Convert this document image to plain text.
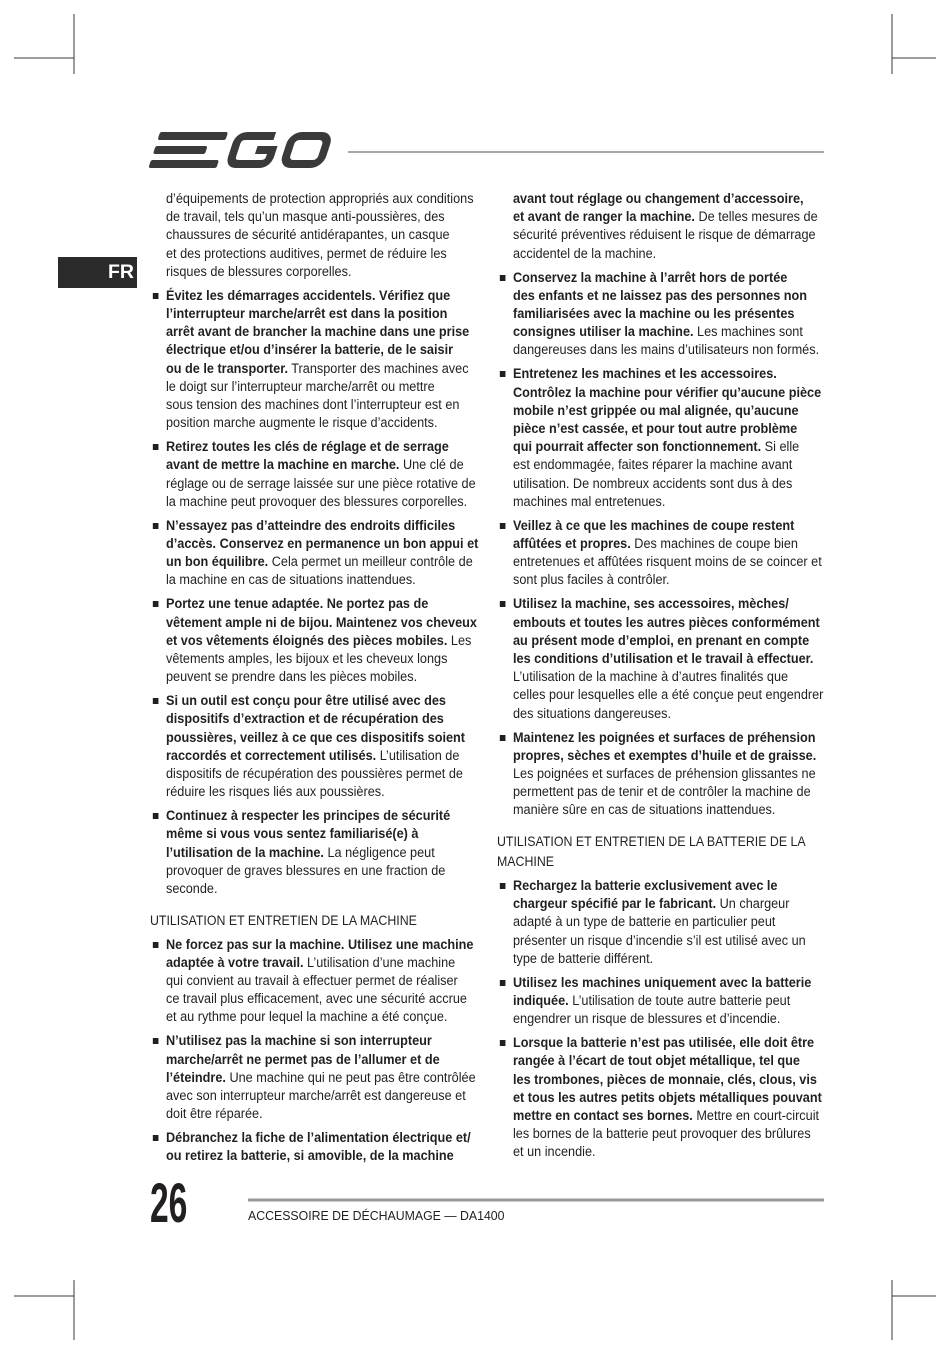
FR
d’équipements de protection appropriés aux conditions
de travail, tels qu’un masque anti-poussières, des
chaussures de sécurité antidérapantes, un casque
et des protections auditives, permet de réduire les
risques de blessures corporelles.
Évitez les démarrages accidentels. Vérifiez que
l’interrupteur marche/arrêt est dans la position
arrêt avant de brancher la machine dans une prise
électrique et/ou d’insérer la batterie, de le saisir
ou de le transporter. Transporter des machines avec
le doigt sur l’interrupteur marche/arrêt ou mettre
sous tension des machines dont l’interrupteur est en
position marche augmente le risque d’accidents.
Retirez toutes les clés de réglage et de serrage
avant de mettre la machine en marche. Une clé de
réglage ou de serrage laissée sur une pièce rotative de
la machine peut provoquer des blessures corporelles.
N’essayez pas d’atteindre des endroits difficiles
d’accès. Conservez en permanence un bon appui et
un bon équilibre. Cela permet un meilleur contrôle de
la machine en cas de situations inattendues.
Portez une tenue adaptée. Ne portez pas de
vêtement ample ni de bijou. Maintenez vos cheveux
et vos vêtements éloignés des pièces mobiles. Les
vêtements amples, les bijoux et les cheveux longs
peuvent se prendre dans les pièces mobiles.
Si un outil est conçu pour être utilisé avec des
dispositifs d’extraction et de récupération des
poussières, veillez à ce que ces dispositifs soient
raccordés et correctement utilisés. L’utilisation de
dispositifs de récupération des poussières permet de
réduire les risques liés aux poussières.
Continuez à respecter les principes de sécurité
même si vous vous sentez familiarisé(e) à
l’utilisation de la machine. La négligence peut
provoquer de graves blessures en une fraction de
seconde.
UTILISATION ET ENTRETIEN DE LA MACHINE
Ne forcez pas sur la machine. Utilisez une machine
adaptée à votre travail. L’utilisation d’une machine
qui convient au travail à effectuer permet de réaliser
ce travail plus efficacement, avec une sécurité accrue
et au rythme pour lequel la machine a été conçue.
N’utilisez pas la machine si son interrupteur
marche/arrêt ne permet pas de l’allumer et de
l’éteindre. Une machine qui ne peut pas être contrôlée
avec son interrupteur marche/arrêt est dangereuse et
doit être réparée.
Débranchez la fiche de l’alimentation électrique et/
ou retirez la batterie, si amovible, de la machine
avant tout réglage ou changement d’accessoire,
et avant de ranger la machine. De telles mesures de
sécurité préventives réduisent le risque de démarrage
accidentel de la machine.
Conservez la machine à l’arrêt hors de portée
des enfants et ne laissez pas des personnes non
familiarisées avec la machine ou les présentes
consignes utiliser la machine. Les machines sont
dangereuses dans les mains d’utilisateurs non formés.
Entretenez les machines et les accessoires.
Contrôlez la machine pour vérifier qu’aucune pièce
mobile n’est grippée ou mal alignée, qu’aucune
pièce n’est cassée, et pour tout autre problème
qui pourrait affecter son fonctionnement. Si elle
est endommagée, faites réparer la machine avant
utilisation. De nombreux accidents sont dus à des
machines mal entretenues.
Veillez à ce que les machines de coupe restent
affûtées et propres. Des machines de coupe bien
entretenues et affûtées risquent moins de se coincer et
sont plus faciles à contrôler.
Utilisez la machine, ses accessoires, mèches/
embouts et toutes les autres pièces conformément
au présent mode d’emploi, en prenant en compte
les conditions d’utilisation et le travail à effectuer.
L’utilisation de la machine à d’autres finalités que
celles pour lesquelles elle a été conçue peut engendrer
des situations dangereuses.
Maintenez les poignées et surfaces de préhension
propres, sèches et exemptes d’huile et de graisse.
Les poignées et surfaces de préhension glissantes ne
permettent pas de tenir et de contrôler la machine de
manière sûre en cas de situations inattendues.
UTILISATION ET ENTRETIEN DE LA BATTERIE DE LA
MACHINE
Rechargez la batterie exclusivement avec le
chargeur spécifié par le fabricant. Un chargeur
adapté à un type de batterie en particulier peut
présenter un risque d’incendie s’il est utilisé avec un
type de batterie différent.
Utilisez les machines uniquement avec la batterie
indiquée. L’utilisation de toute autre batterie peut
engendrer un risque de blessures et d’incendie.
Lorsque la batterie n’est pas utilisée, elle doit être
rangée à l’écart de tout objet métallique, tel que
les trombones, pièces de monnaie, clés, clous, vis
et tous les autres petits objets métalliques pouvant
mettre en contact ses bornes. Mettre en court-circuit
les bornes de la batterie peut provoquer des brûlures
et un incendie.
26	ACCESSOIRE DE DÉCHAUMAGE — DA1400
